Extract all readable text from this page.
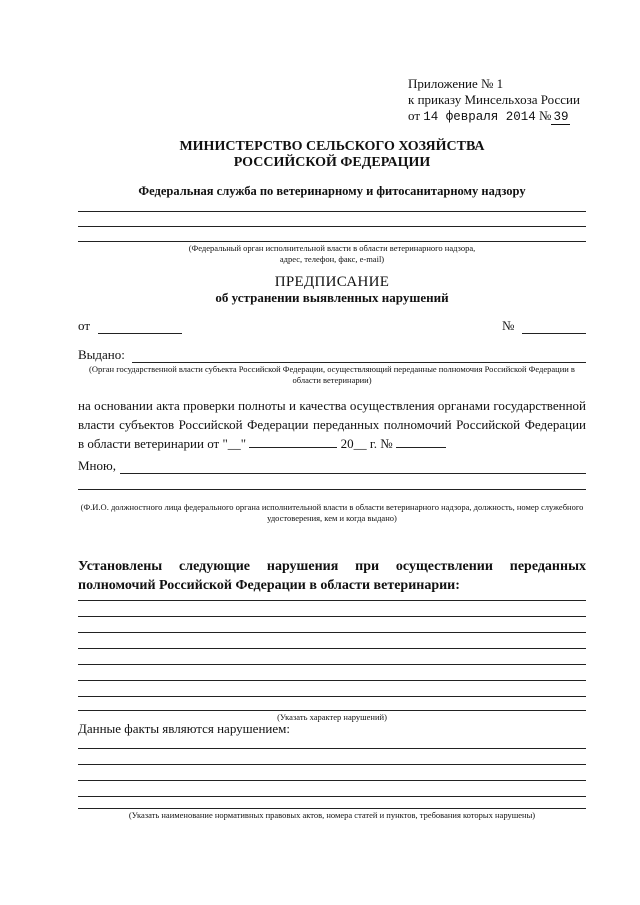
Приложение № 1
к приказу Минсельхоза России
от 14 февраля 2014 № 39
МИНИСТЕРСТВО СЕЛЬСКОГО ХОЗЯЙСТВА
РОССИЙСКОЙ ФЕДЕРАЦИИ
Федеральная служба по ветеринарному и фитосанитарному надзору
(Федеральный орган исполнительной власти в области ветеринарного надзора,
адрес, телефон, факс, e-mail)
ПРЕДПИСАНИЕ
об устранении выявленных нарушений
от	№
Выдано:
(Орган государственной власти субъекта Российской Федерации, осуществляющий переданные полномочия Российской Федерации в
области ветеринарии)
на основании акта проверки полноты и качества осуществления органами государственной власти субъектов Российской Федерации переданных полномочий Российской Федерации в области ветеринарии от "__"	20__ г. №
Мною,
(Ф.И.О. должностного лица федерального органа исполнительной власти в области ветеринарного надзора, должность, номер служебного
удостоверения, кем и когда выдано)
Установлены следующие нарушения при осуществлении переданных полномочий Российской Федерации в области ветеринарии:
(Указать характер нарушений)
Данные факты являются нарушением:
(Указать наименование нормативных правовых актов, номера статей и пунктов, требования которых нарушены)
